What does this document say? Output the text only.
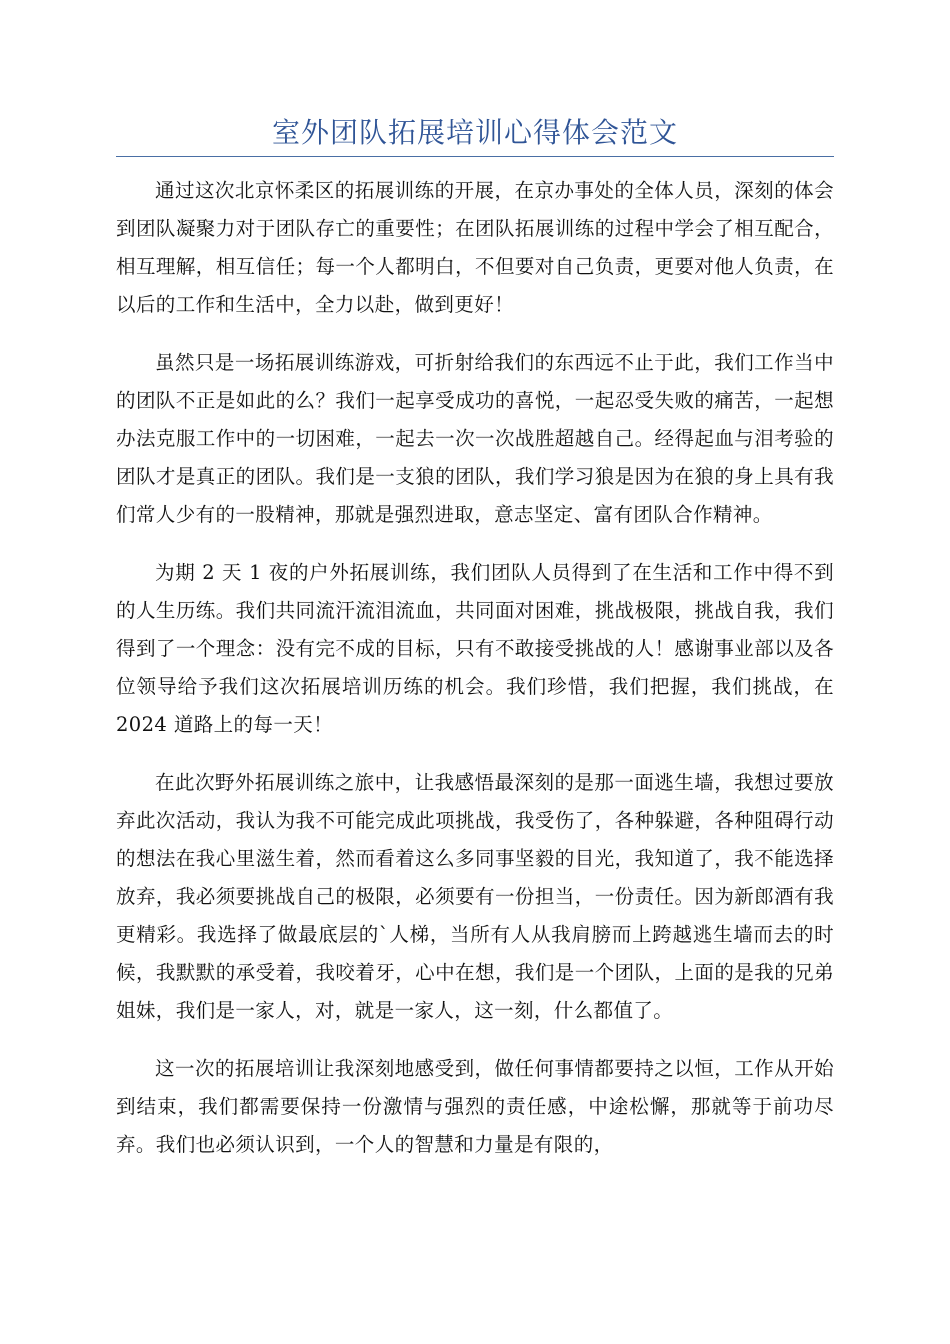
室外团队拓展培训心得体会范文

通过这次北京怀柔区的拓展训练的开展，在京办事处的全体人员，深刻的体会到团队凝聚力对于团队存亡的重要性；在团队拓展训练的过程中学会了相互配合，相互理解，相互信任；每一个人都明白，不但要对自己负责，更要对他人负责，在以后的工作和生活中，全力以赴，做到更好！

虽然只是一场拓展训练游戏，可折射给我们的东西远不止于此，我们工作当中的团队不正是如此的么？我们一起享受成功的喜悦，一起忍受失败的痛苦，一起想办法克服工作中的一切困难，一起去一次一次战胜超越自己。经得起血与泪考验的团队才是真正的团队。我们是一支狼的团队，我们学习狼是因为在狼的身上具有我们常人少有的一股精神，那就是强烈进取，意志坚定、富有团队合作精神。

为期 2 天 1 夜的户外拓展训练，我们团队人员得到了在生活和工作中得不到的人生历练。我们共同流汗流泪流血，共同面对困难，挑战极限，挑战自我，我们得到了一个理念：没有完不成的目标，只有不敢接受挑战的人！感谢事业部以及各位领导给予我们这次拓展培训历练的机会。我们珍惜，我们把握，我们挑战，在 2024 道路上的每一天！

在此次野外拓展训练之旅中，让我感悟最深刻的是那一面逃生墙，我想过要放弃此次活动，我认为我不可能完成此项挑战，我受伤了，各种躲避，各种阻碍行动的想法在我心里滋生着，然而看着这么多同事坚毅的目光，我知道了，我不能选择放弃，我必须要挑战自己的极限，必须要有一份担当，一份责任。因为新郎酒有我更精彩。我选择了做最底层的`人梯，当所有人从我肩膀而上跨越逃生墙而去的时候，我默默的承受着，我咬着牙，心中在想，我们是一个团队，上面的是我的兄弟姐妹，我们是一家人，对，就是一家人，这一刻，什么都值了。

这一次的拓展培训让我深刻地感受到，做任何事情都要持之以恒，工作从开始到结束，我们都需要保持一份激情与强烈的责任感，中途松懈，那就等于前功尽弃。我们也必须认识到，一个人的智慧和力量是有限的，
